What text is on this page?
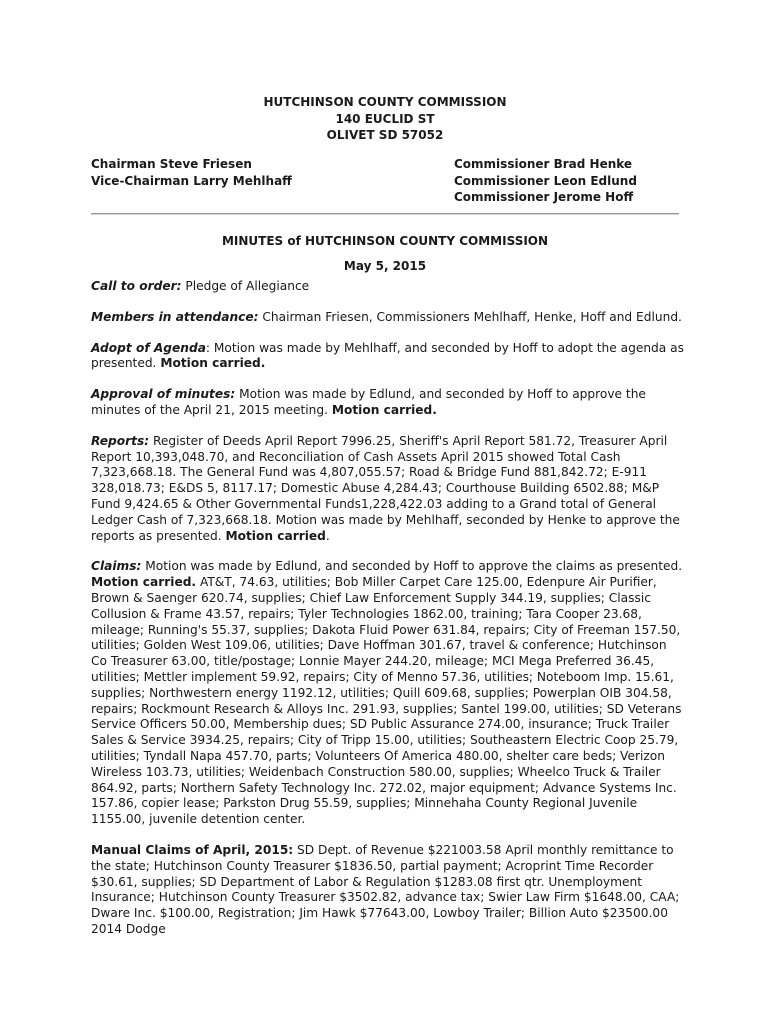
HUTCHINSON COUNTY COMMISSION
140 EUCLID ST
OLIVET SD 57052
Chairman Steve Friesen
Vice-Chairman Larry Mehlhaff
Commissioner Brad Henke
Commissioner Leon Edlund
Commissioner Jerome Hoff
MINUTES of HUTCHINSON COUNTY COMMISSION
May 5, 2015

Call to order: Pledge of Allegiance

Members in attendance: Chairman Friesen, Commissioners Mehlhaff, Henke, Hoff and Edlund.

Adopt of Agenda: Motion was made by Mehlhaff, and seconded by Hoff to adopt the agenda as presented. Motion carried.

Approval of minutes: Motion was made by Edlund, and seconded by Hoff to approve the minutes of the April 21, 2015 meeting. Motion carried.

Reports: Register of Deeds April Report 7996.25, Sheriff's April Report 581.72, Treasurer April Report 10,393,048.70, and Reconciliation of Cash Assets April 2015 showed Total Cash 7,323,668.18. The General Fund was 4,807,055.57; Road & Bridge Fund 881,842.72; E-911 328,018.73; E&DS 5, 8117.17; Domestic Abuse 4,284.43; Courthouse Building 6502.88; M&P Fund 9,424.65 & Other Governmental Funds1,228,422.03 adding to a Grand total of General Ledger Cash of 7,323,668.18. Motion was made by Mehlhaff, seconded by Henke to approve the reports as presented. Motion carried.

Claims: Motion was made by Edlund, and seconded by Hoff to approve the claims as presented. Motion carried. AT&T, 74.63, utilities; Bob Miller Carpet Care 125.00, Edenpure Air Purifier, Brown & Saenger 620.74, supplies; Chief Law Enforcement Supply 344.19, supplies; Classic Collusion & Frame 43.57, repairs; Tyler Technologies 1862.00, training; Tara Cooper 23.68, mileage; Running's 55.37, supplies; Dakota Fluid Power 631.84, repairs; City of Freeman 157.50, utilities; Golden West 109.06, utilities; Dave Hoffman 301.67, travel & conference; Hutchinson Co Treasurer 63.00, title/postage; Lonnie Mayer 244.20, mileage; MCI Mega Preferred 36.45, utilities; Mettler implement 59.92, repairs; City of Menno 57.36, utilities; Noteboom Imp. 15.61, supplies; Northwestern energy 1192.12, utilities; Quill 609.68, supplies; Powerplan OIB 304.58, repairs; Rockmount Research & Alloys Inc. 291.93, supplies; Santel 199.00, utilities; SD Veterans Service Officers 50.00, Membership dues; SD Public Assurance 274.00, insurance; Truck Trailer Sales & Service 3934.25, repairs; City of Tripp 15.00, utilities; Southeastern Electric Coop 25.79, utilities; Tyndall Napa 457.70, parts; Volunteers Of America 480.00, shelter care beds; Verizon Wireless 103.73, utilities; Weidenbach Construction 580.00, supplies; Wheelco Truck & Trailer 864.92, parts; Northern Safety Technology Inc. 272.02, major equipment; Advance Systems Inc. 157.86, copier lease; Parkston Drug 55.59, supplies; Minnehaha County Regional Juvenile 1155.00, juvenile detention center.

Manual Claims of April, 2015: SD Dept. of Revenue $221003.58 April monthly remittance to the state; Hutchinson County Treasurer $1836.50, partial payment; Acroprint Time Recorder $30.61, supplies; SD Department of Labor & Regulation $1283.08 first qtr. Unemployment Insurance; Hutchinson County Treasurer $3502.82, advance tax; Swier Law Firm $1648.00, CAA; Dware Inc. $100.00, Registration; Jim Hawk $77643.00, Lowboy Trailer; Billion Auto $23500.00 2014 Dodge
